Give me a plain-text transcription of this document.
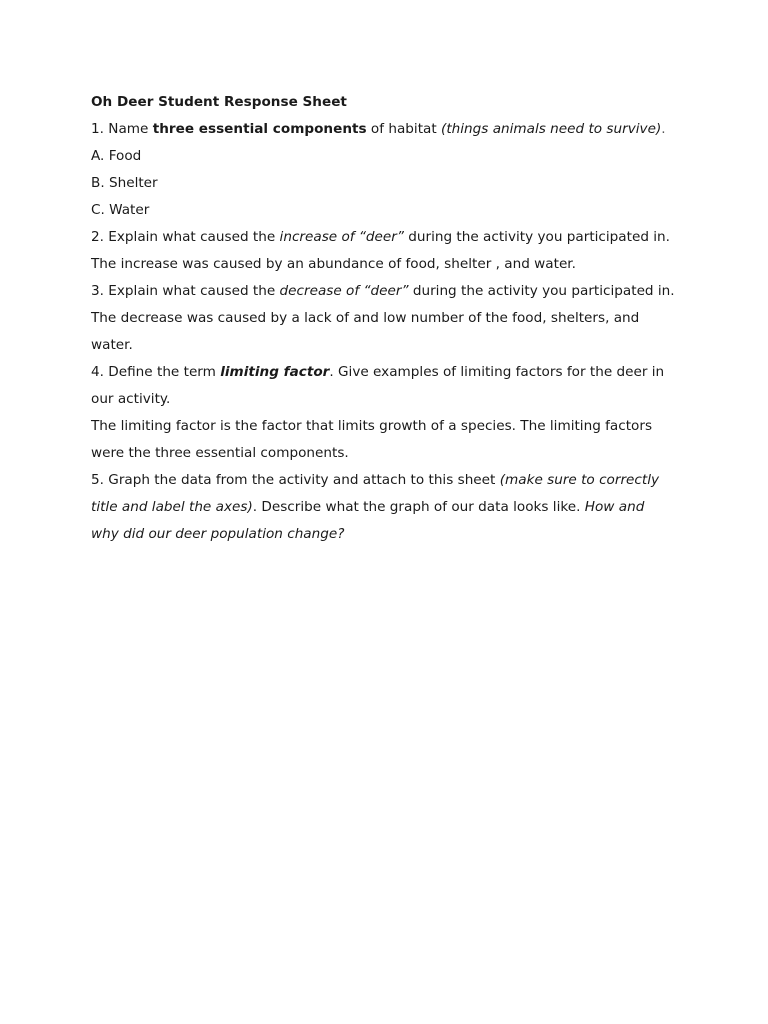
Oh Deer Student Response Sheet
1. Name three essential components of habitat (things animals need to survive).
A. Food
B. Shelter
C. Water
2. Explain what caused the increase of “deer” during the activity you participated in.
The increase was caused by an abundance of food, shelter , and water.
3. Explain what caused the decrease of “deer” during the activity you participated in.
The decrease was caused by a lack of and low number of the food, shelters, and
water.
4. Define the term limiting factor. Give examples of limiting factors for the deer in
our activity.
The limiting factor is the factor that limits growth of a species. The limiting factors
were the three essential components.
5. Graph the data from the activity and attach to this sheet (make sure to correctly
title and label the axes). Describe what the graph of our data looks like. How and
why did our deer population change?
